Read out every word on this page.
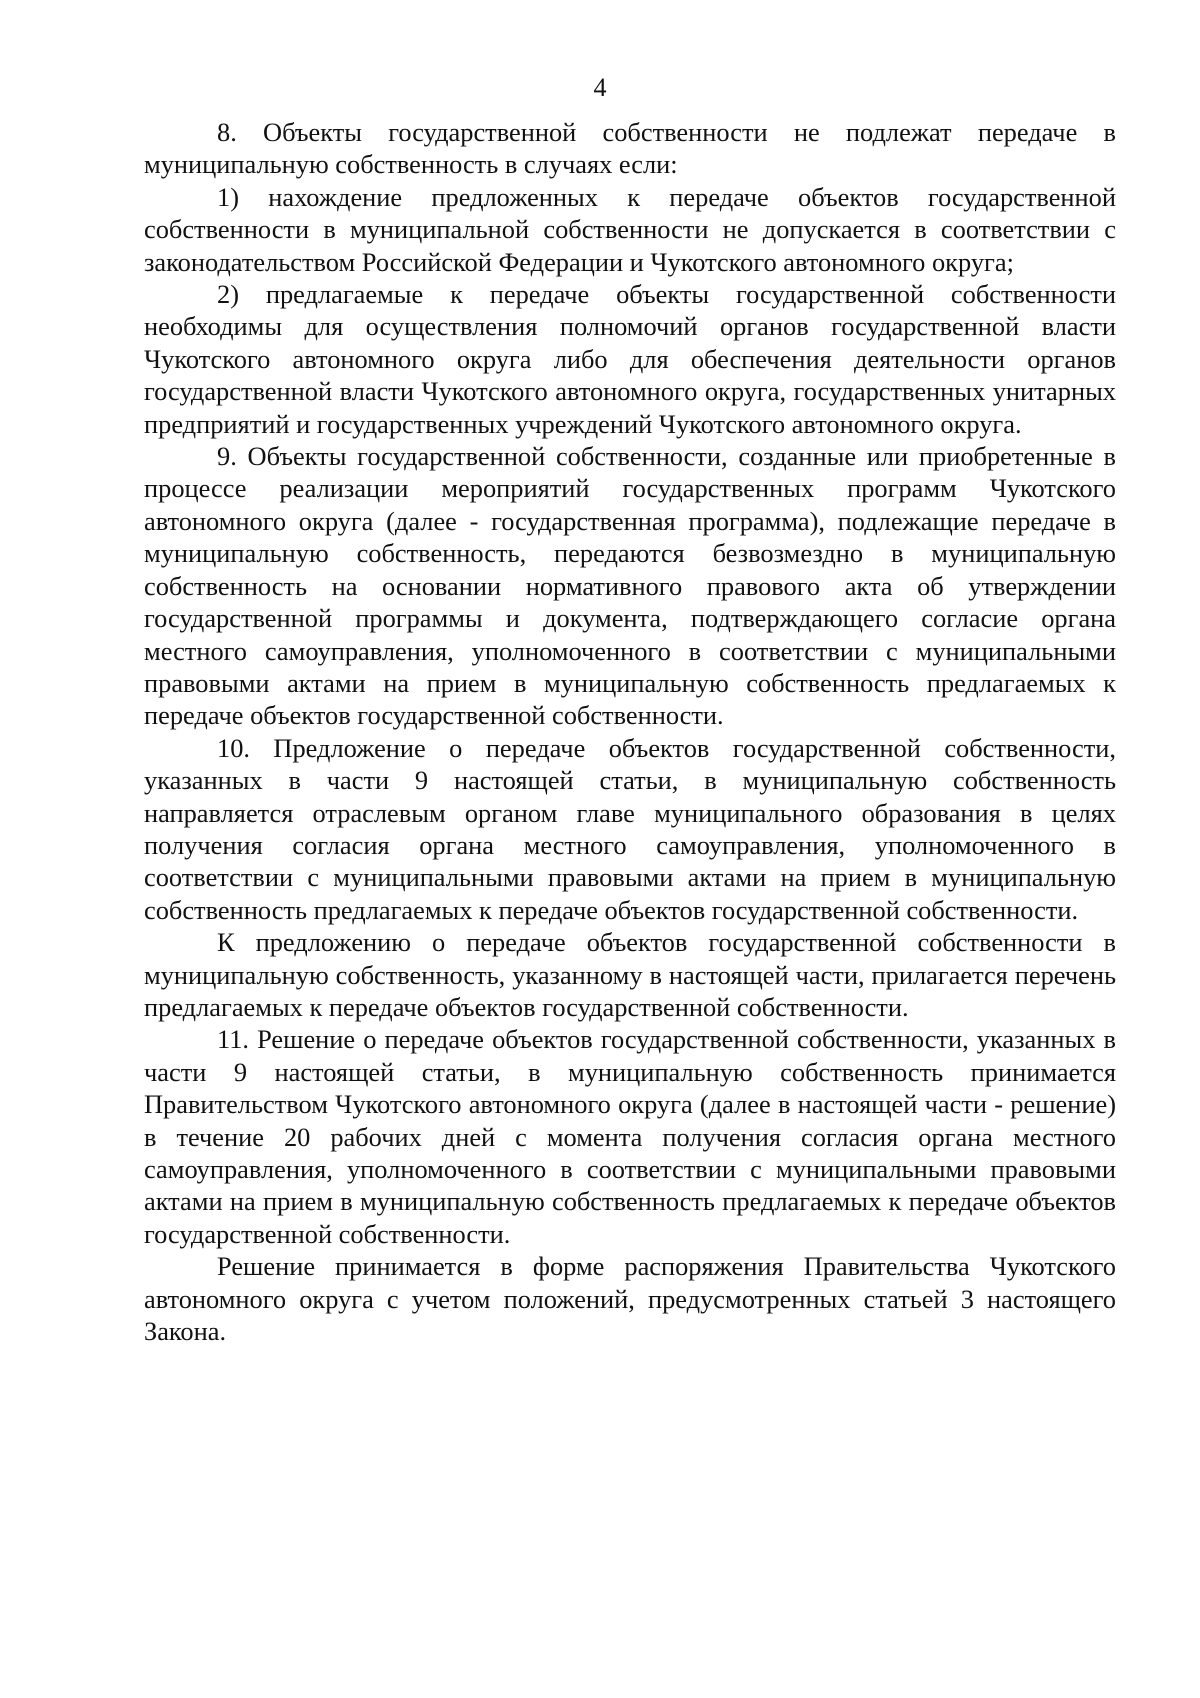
4

8. Объекты государственной собственности не подлежат передаче в муниципальную собственность в случаях если:

1) нахождение предложенных к передаче объектов государственной собственности в муниципальной собственности не допускается в соответствии с законодательством Российской Федерации и Чукотского автономного округа;

2) предлагаемые к передаче объекты государственной собственности необходимы для осуществления полномочий органов государственной власти Чукотского автономного округа либо для обеспечения деятельности органов государственной власти Чукотского автономного округа, государственных унитарных предприятий и государственных учреждений Чукотского автономного округа.

9. Объекты государственной собственности, созданные или приобретенные в процессе реализации мероприятий государственных программ Чукотского автономного округа (далее - государственная программа), подлежащие передаче в муниципальную собственность, передаются безвозмездно в муниципальную собственность на основании нормативного правового акта об утверждении государственной программы и документа, подтверждающего согласие органа местного самоуправления, уполномоченного в соответствии с муниципальными правовыми актами на прием в муниципальную собственность предлагаемых к передаче объектов государственной собственности.

10. Предложение о передаче объектов государственной собственности, указанных в части 9 настоящей статьи, в муниципальную собственность направляется отраслевым органом главе муниципального образования в целях получения согласия органа местного самоуправления, уполномоченного в соответствии с муниципальными правовыми актами на прием в муниципальную собственность предлагаемых к передаче объектов государственной собственности.

К предложению о передаче объектов государственной собственности в муниципальную собственность, указанному в настоящей части, прилагается перечень предлагаемых к передаче объектов государственной собственности.

11. Решение о передаче объектов государственной собственности, указанных в части 9 настоящей статьи, в муниципальную собственность принимается Правительством Чукотского автономного округа (далее в настоящей части - решение) в течение 20 рабочих дней с момента получения согласия органа местного самоуправления, уполномоченного в соответствии с муниципальными правовыми актами на прием в муниципальную собственность предлагаемых к передаче объектов государственной собственности.

Решение принимается в форме распоряжения Правительства Чукотского автономного округа с учетом положений, предусмотренных статьей 3 настоящего Закона.
